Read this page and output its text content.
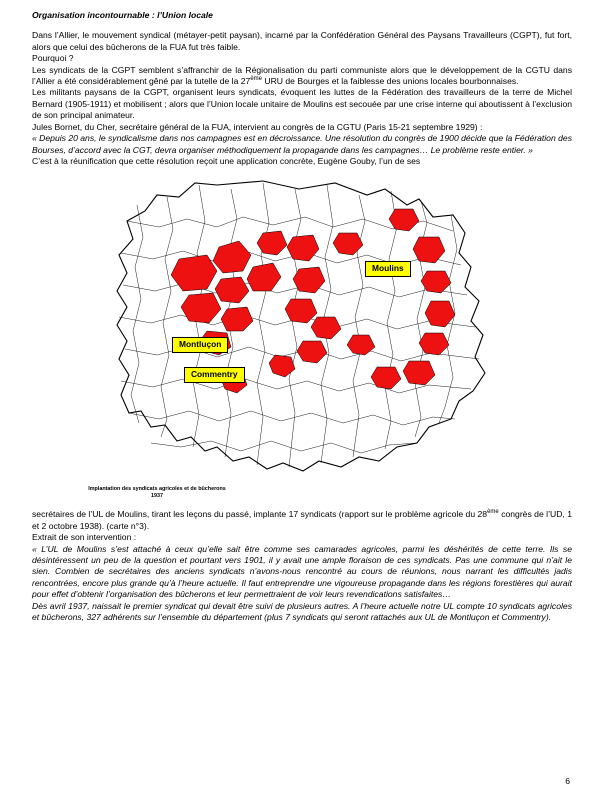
Organisation incontournable : l’Union locale

Dans l’Allier, le mouvement syndical (métayer-petit paysan), incarné par la Confédération Général des Paysans Travailleurs (CGPT), fut fort, alors que celui des bûcherons de la FUA fut très faible.

Pourquoi ?

Les syndicats de la CGPT semblent s’affranchir de la Régionalisation du parti communiste alors que le développement de la CGTU dans l’Allier a été considérablement gêné par la tutelle de la 27ème URU de Bourges et la faiblesse des unions locales bourbonnaises.

Les militants paysans de la CGPT, organisent leurs syndicats, évoquent les luttes de la Fédération des travailleurs de la terre de Michel Bernard (1905-1911) et mobilisent ; alors que l’Union locale unitaire de Moulins est secouée par une crise interne qui aboutissent à l’exclusion de son principal animateur.

Jules Bornet, du Cher, secrétaire général de la FUA, intervient au congrès de la CGTU (Paris 15-21 septembre 1929) :

« Depuis 20 ans, le syndicalisme dans nos campagnes est en décroissance. Une résolution du congrès de 1900 décide que la Fédération des Bourses, d’accord avec la CGT, devra organiser méthodiquement la propagande dans les campagnes… Le problème reste entier. »

C’est à la réunification que cette résolution reçoit une application concrète, Eugène Gouby, l’un de ses

Moulins
Montluçon
Commentry
Implantation des syndicats agricoles et de bûcherons
1937

secrétaires de l’UL de Moulins, tirant les leçons du passé, implante 17 syndicats (rapport sur le problème agricole du 28ème congrès de l’UD, 1 et 2 octobre 1938). (carte n°3).

Extrait de son intervention :

« L’UL de Moulins s’est attaché à ceux qu’elle sait être comme ses camarades agricoles, parmi les déshérités de cette terre. Ils se désintéressent un peu de la question et pourtant vers 1901, il y avait une ample floraison de ces syndicats. Pas une commune qui n’ait le sien. Combien de secrétaires des anciens syndicats n’avons-nous rencontré au cours de réunions, nous narrant les difficultés jadis rencontrées, encore plus grande qu’à l’heure actuelle. Il faut entreprendre une vigoureuse propagande dans les régions forestières qui aurait pour effet d’obtenir l’organisation des bûcherons et leur permettraient de voir leurs revendications satisfaites…

Dès avril 1937, naissait le premier syndicat qui devait être suivi de plusieurs autres. A l’heure actuelle notre UL compte 10 syndicats agricoles et bûcherons, 327 adhérents sur l’ensemble du département (plus 7 syndicats qui seront rattachés aux UL de Montluçon et Commentry).

6
